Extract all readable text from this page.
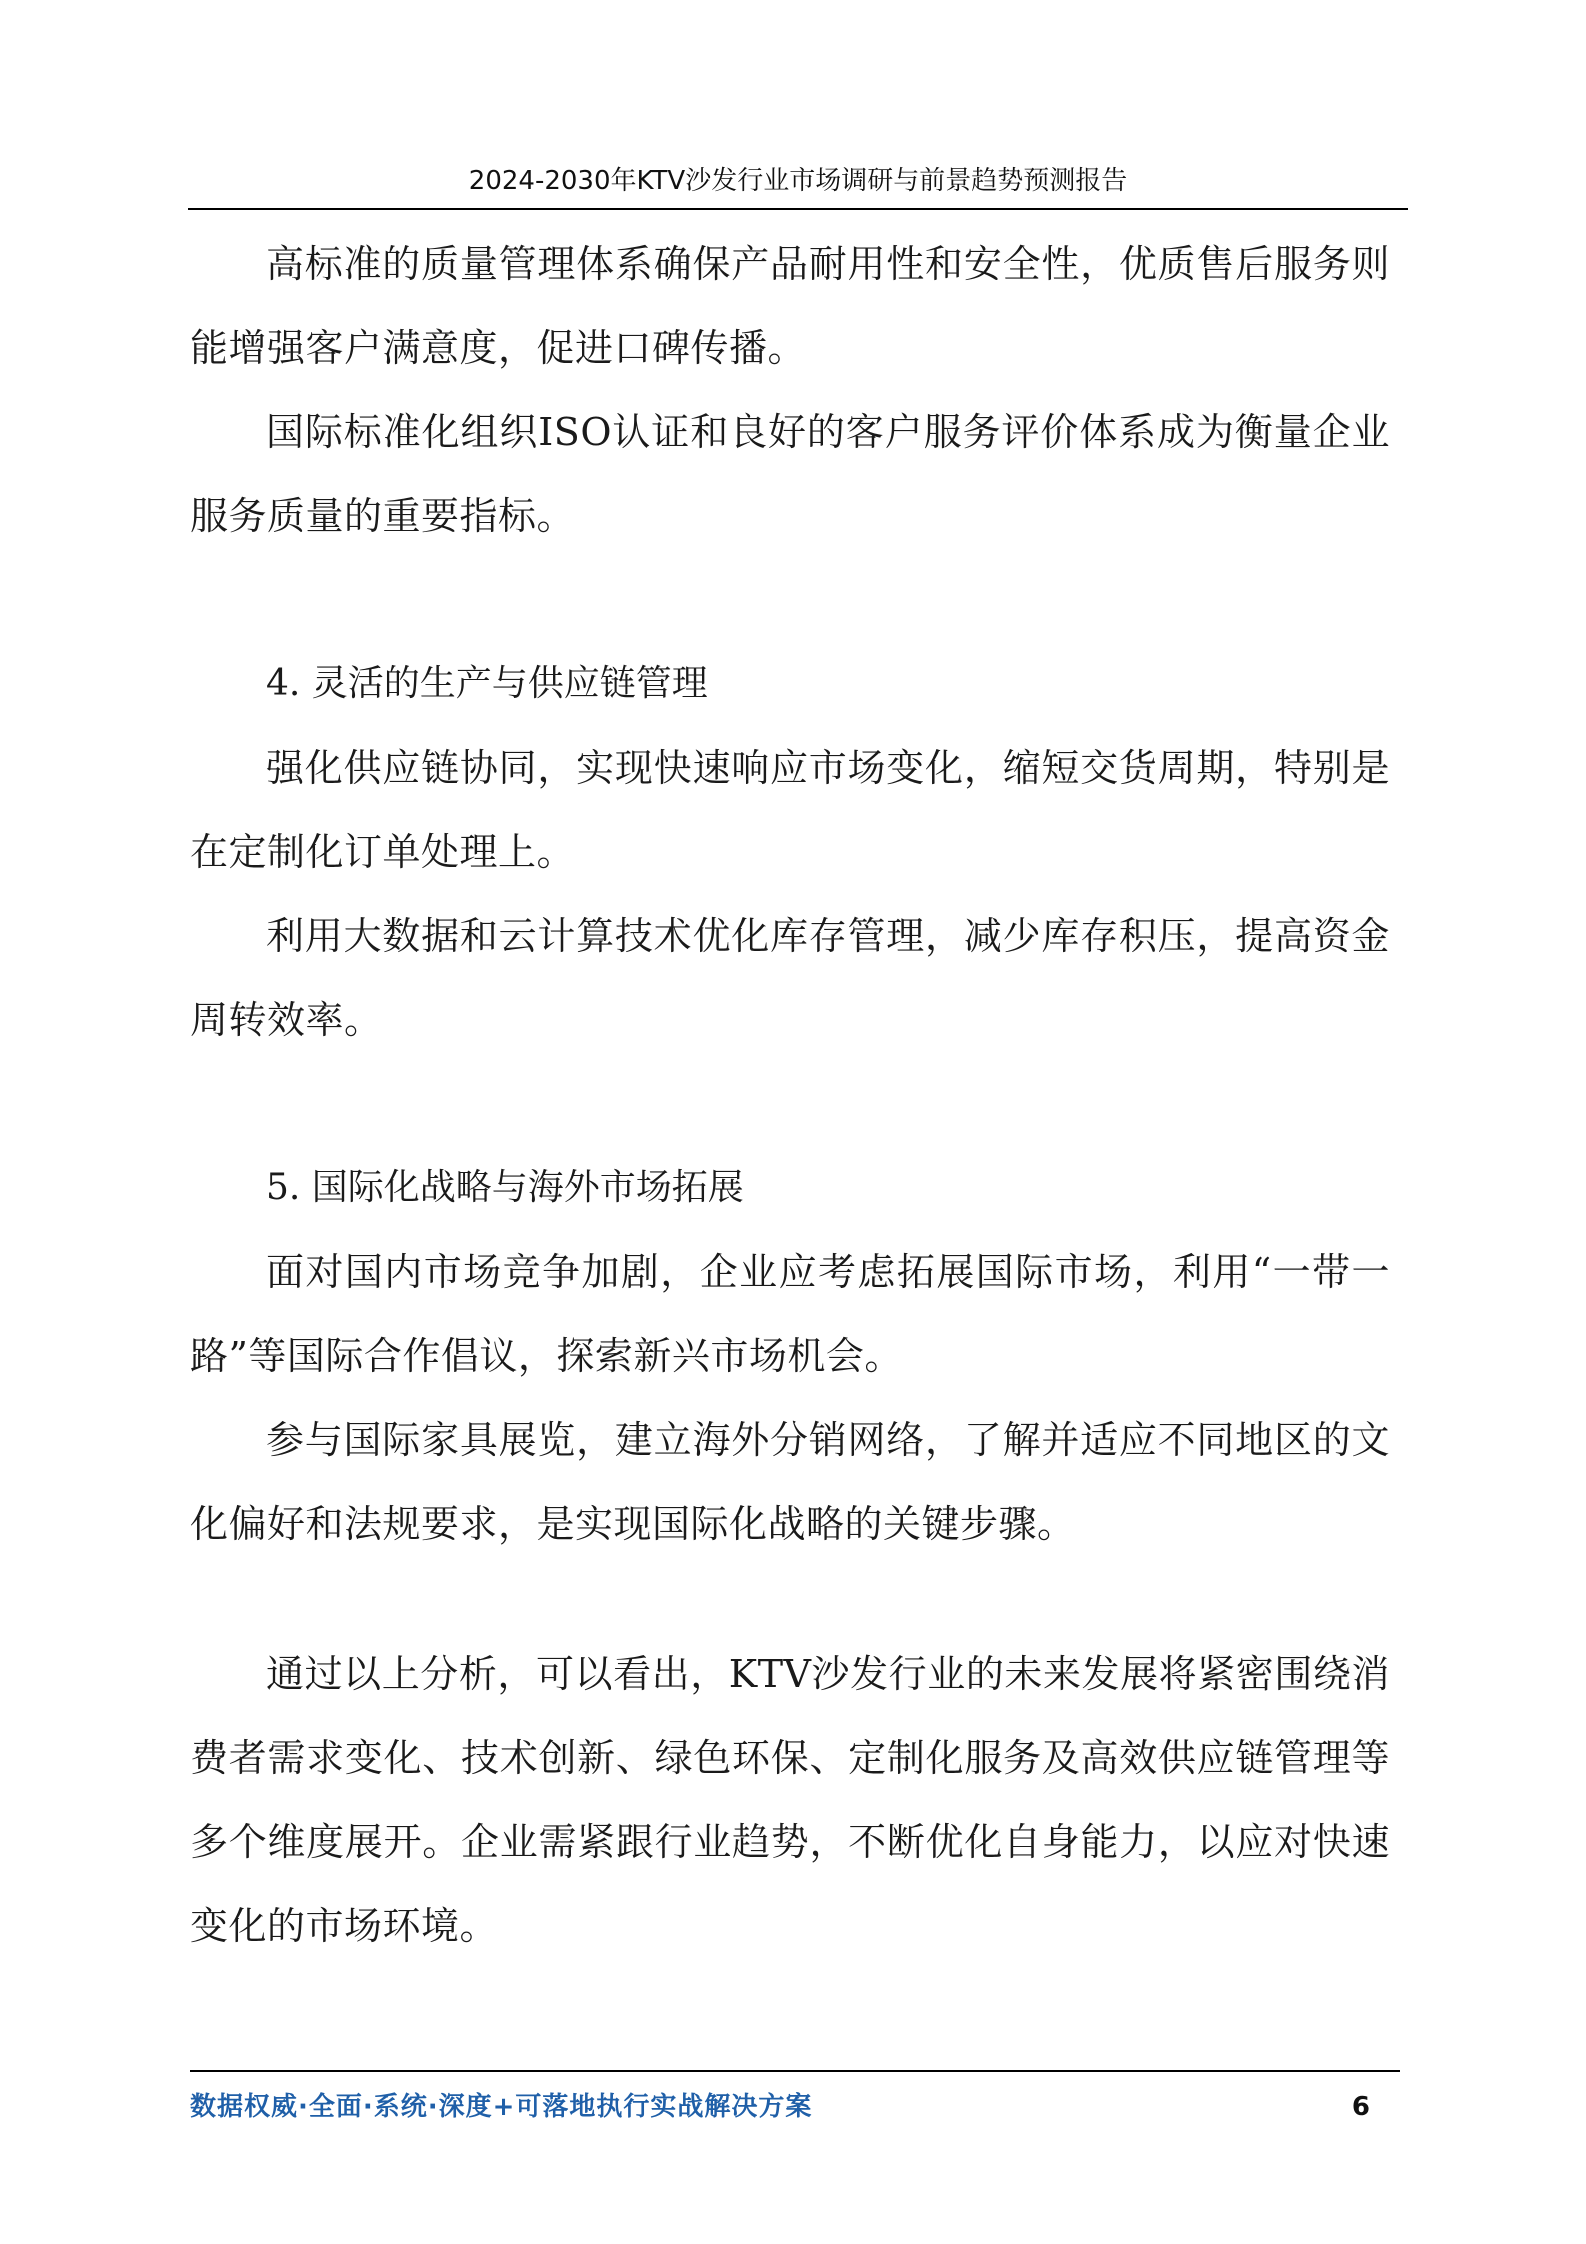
2024-2030年KTV沙发行业市场调研与前景趋势预测报告

高标准的质量管理体系确保产品耐用性和安全性，优质售后服务则能增强客户满意度，促进口碑传播。

国际标准化组织ISO认证和良好的客户服务评价体系成为衡量企业服务质量的重要指标。

4. 灵活的生产与供应链管理

强化供应链协同，实现快速响应市场变化，缩短交货周期，特别是在定制化订单处理上。

利用大数据和云计算技术优化库存管理，减少库存积压，提高资金周转效率。

5. 国际化战略与海外市场拓展

面对国内市场竞争加剧，企业应考虑拓展国际市场，利用“一带一路”等国际合作倡议，探索新兴市场机会。

参与国际家具展览，建立海外分销网络，了解并适应不同地区的文化偏好和法规要求，是实现国际化战略的关键步骤。

通过以上分析，可以看出，KTV沙发行业的未来发展将紧密围绕消费者需求变化、技术创新、绿色环保、定制化服务及高效供应链管理等多个维度展开。企业需紧跟行业趋势，不断优化自身能力，以应对快速变化的市场环境。

数据权威·全面·系统·深度+可落地执行实战解决方案	6
